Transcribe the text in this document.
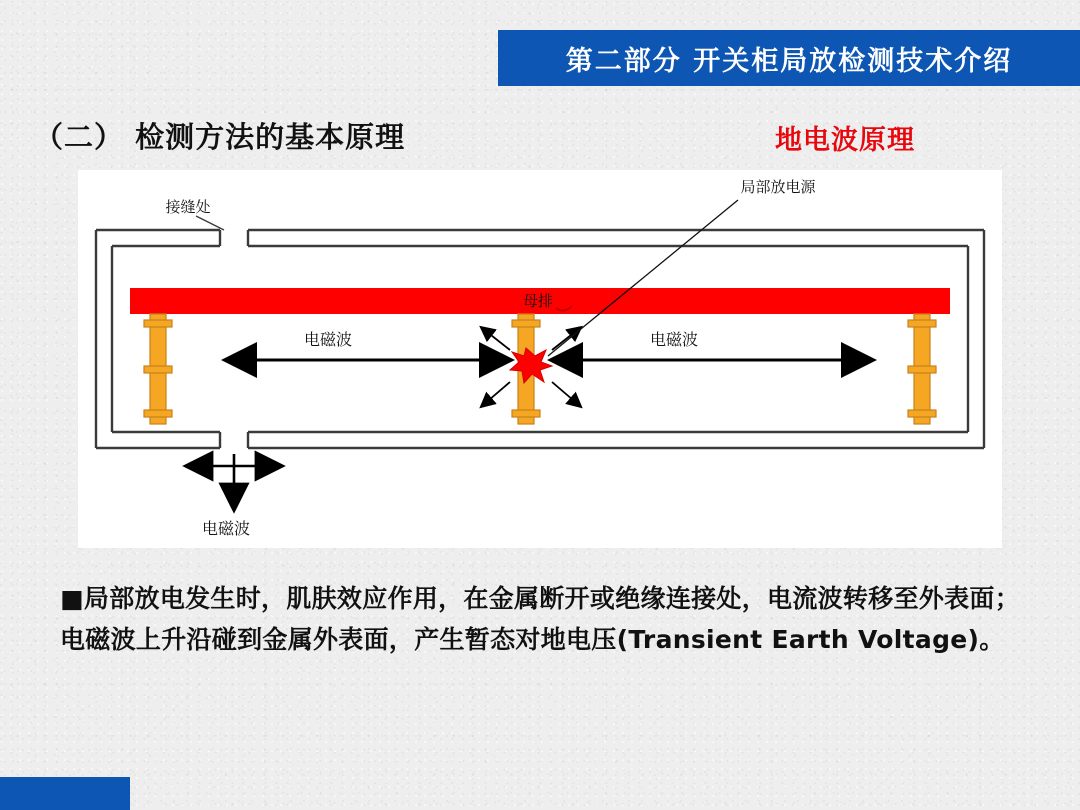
第二部分 开关柜局放检测技术介绍
（二） 检测方法的基本原理	地电波原理
接缝处
母排
局部放电源
电磁波	电磁波
电磁波
■局部放电发生时，肌肤效应作用，在金属断开或绝缘连接处，电流波转移至外表面；电磁波上升沿碰到金属外表面，产生暂态对地电压(Transient Earth Voltage)。
